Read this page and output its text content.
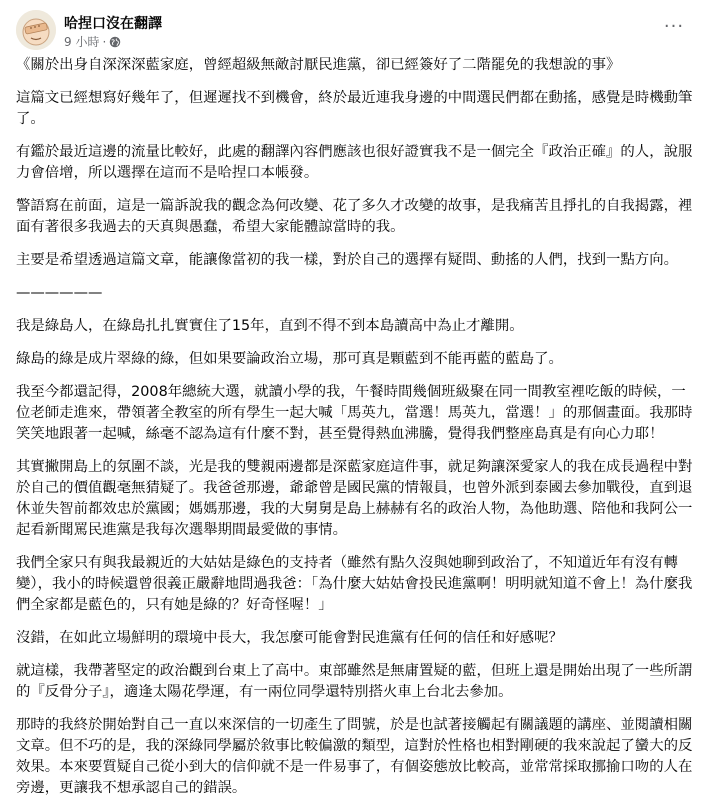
哈捏口沒在翻譯
9 小時 ·
···

《關於出身自深深深藍家庭，曾經超級無敵討厭民進黨，卻已經簽好了二階罷免的我想說的事》

這篇文已經想寫好幾年了，但遲遲找不到機會，終於最近連我身邊的中間選民們都在動搖，感覺是時機動筆了。

有鑑於最近這邊的流量比較好，此處的翻譯內容們應該也很好證實我不是一個完全『政治正確』的人，說服力會倍增，所以選擇在這而不是哈捏口本帳發。

警語寫在前面，這是一篇訴說我的觀念為何改變、花了多久才改變的故事，是我痛苦且掙扎的自我揭露，裡面有著很多我過去的天真與愚蠢，希望大家能體諒當時的我。

主要是希望透過這篇文章，能讓像當初的我一樣，對於自己的選擇有疑問、動搖的人們，找到一點方向。

——————

我是綠島人，在綠島扎扎實實住了15年，直到不得不到本島讀高中為止才離開。

綠島的綠是成片翠綠的綠，但如果要論政治立場，那可真是顆藍到不能再藍的藍島了。

我至今都還記得，2008年總統大選，就讀小學的我，午餐時間幾個班級聚在同一間教室裡吃飯的時候，一位老師走進來，帶領著全教室的所有學生一起大喊「馬英九，當選！馬英九，當選！」的那個畫面。我那時笑笑地跟著一起喊，絲毫不認為這有什麼不對，甚至覺得熱血沸騰，覺得我們整座島真是有向心力耶！

其實撇開島上的氛圍不談，光是我的雙親兩邊都是深藍家庭這件事，就足夠讓深愛家人的我在成長過程中對於自己的價值觀毫無猜疑了。我爸爸那邊，爺爺曾是國民黨的情報員，也曾外派到泰國去參加戰役，直到退休並失智前都效忠於黨國；媽媽那邊，我的大舅舅是島上赫赫有名的政治人物，為他助選、陪他和我阿公一起看新聞罵民進黨是我每次選舉期間最愛做的事情。

我們全家只有與我最親近的大姑姑是綠色的支持者（雖然有點久沒與她聊到政治了，不知道近年有沒有轉變），我小的時候還曾很義正嚴辭地問過我爸：「為什麼大姑姑會投民進黨啊！明明就知道不會上！為什麼我們全家都是藍色的，只有她是綠的？好奇怪喔！」

沒錯，在如此立場鮮明的環境中長大，我怎麼可能會對民進黨有任何的信任和好感呢？

就這樣，我帶著堅定的政治觀到台東上了高中。東部雖然是無庸置疑的藍，但班上還是開始出現了一些所謂的『反骨分子』，適逢太陽花學運，有一兩位同學還特別搭火車上台北去參加。

那時的我終於開始對自己一直以來深信的一切產生了問號，於是也試著接觸起有關議題的講座、並閱讀相關文章。但不巧的是，我的深綠同學屬於敘事比較偏激的類型，這對於性格也相對剛硬的我來說起了蠻大的反效果。本來要質疑自己從小到大的信仰就不是一件易事了，有個姿態放比較高，並常常採取挪揄口吻的人在旁邊，更讓我不想承認自己的錯誤。
